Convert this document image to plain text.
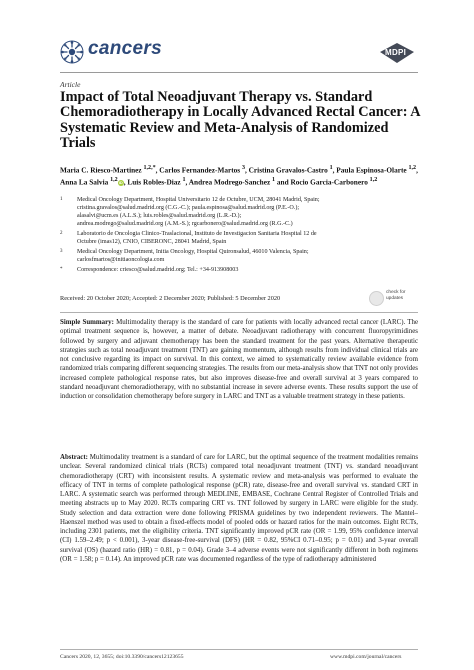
cancers	MDPI
Article
Impact of Total Neoadjuvant Therapy vs. Standard Chemoradiotherapy in Locally Advanced Rectal Cancer: A Systematic Review and Meta-Analysis of Randomized Trials
Maria C. Riesco-Martinez $^{1,2,*}$, Carlos Fernandez-Martos $^3$, Cristina Gravalos-Castro $^1$, Paula Espinosa-Olarte $^{1,2}$, Anna La Salvia $^{1,2}$iD, Luis Robles-Diaz $^1$, Andrea Modrego-Sanchez $^1$ and Rocio Garcia-Carbonero $^{1,2}$
1	Medical Oncology Department, Hospital Universitario 12 de Octubre, UCM, 28041 Madrid, Spain;
cristina.gravalos@salud.madrid.org (C.G.-C.); paula.espinosa@salud.madrid.org (P.E.-O.);
alasalvi@ucm.es (A.L.S.); luis.robles@salud.madrid.org (L.R.-D.);
andrea.modrego@salud.madrid.org (A.M.-S.); rgcarbonero@salud.madrid.org (R.G.-C.)
2	Laboratorio de Oncologia Clinico-Traslacional, Instituto de Investigacion Sanitaria Hospital 12 de
Octubre (imas12), CNIO, CIBERONC, 28041 Madrid, Spain
3	Medical Oncology Department, Initia Oncology, Hospital Quironsalud, 46010 Valencia, Spain;
carlosfmartos@initiaoncologia.com
*	Correspondence: criesco@salud.madrid.org; Tel.: +34-913908003
Received: 20 October 2020; Accepted: 2 December 2020; Published: 5 December 2020
check for
updates
Simple Summary: Multimodality therapy is the standard of care for patients with locally advanced rectal cancer (LARC). The optimal treatment sequence is, however, a matter of debate. Neoadjuvant radiotherapy with concurrent fluoropyrimidines followed by surgery and adjuvant chemotherapy has been the standard treatment for the past years. Alternative therapeutic strategies such as total neoadjuvant treatment (TNT) are gaining momentum, although results from individual clinical trials are not conclusive regarding its impact on survival. In this context, we aimed to systematically review available evidence from randomized trials comparing different sequencing strategies. The results from our meta-analysis show that TNT not only provides increased complete pathological response rates, but also improves disease-free and overall survival at 3 years compared to standard neoadjuvant chemoradiotherapy, with no substantial increase in severe adverse events. These results support the use of induction or consolidation chemotherapy before surgery in LARC and TNT as a valuable treatment strategy in these patients.
Abstract: Multimodality treatment is a standard of care for LARC, but the optimal sequence of the treatment modalities remains unclear. Several randomized clinical trials (RCTs) compared total neoadjuvant treatment (TNT) vs. standard neoadjuvant chemoradiotherapy (CRT) with inconsistent results. A systematic review and meta-analysis was performed to evaluate the efficacy of TNT in terms of complete pathological response (pCR) rate, disease-free and overall survival vs. standard CRT in LARC. A systematic search was performed through MEDLINE, EMBASE, Cochrane Central Register of Controlled Trials and meeting abstracts up to May 2020. RCTs comparing CRT vs. TNT followed by surgery in LARC were eligible for the study. Study selection and data extraction were done following PRISMA guidelines by two independent reviewers. The Mantel–Haenszel method was used to obtain a fixed-effects model of pooled odds or hazard ratios for the main outcomes. Eight RCTs, including 2301 patients, met the eligibility criteria. TNT significantly improved pCR rate (OR = 1.99, 95% confidence interval (CI) 1.59–2.49; p < 0.001), 3-year disease-free-survival (DFS) (HR = 0.82, 95%CI 0.71–0.95; p = 0.01) and 3-year overall survival (OS) (hazard ratio (HR) = 0.81, p = 0.04). Grade 3–4 adverse events were not significantly different in both regimens (OR = 1.58; p = 0.14). An improved pCR rate was documented regardless of the type of radiotherapy administered
Cancers 2020, 12, 3655; doi:10.3390/cancers12123655	www.mdpi.com/journal/cancers
